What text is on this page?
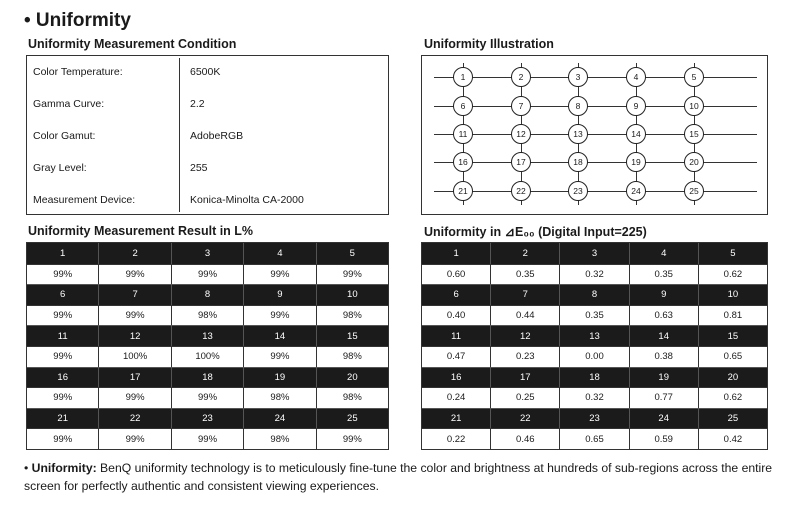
• Uniformity
Uniformity Measurement Condition
Color Temperature:	6500K
Gamma Curve:	2.2
Color Gamut:	AdobeRGB
Gray Level:	255
Measurement Device:	Konica-Minolta CA-2000
Uniformity Illustration
1	2	3	4	5
6	7	8	9	10
11	12	13	14	15
16	17	18	19	20
21	22	23	24	25
Uniformity Measurement Result in L%
1	2	3	4	5
99%	99%	99%	99%	99%
6	7	8	9	10
99%	99%	98%	99%	98%
11	12	13	14	15
99%	100%	100%	99%	98%
16	17	18	19	20
99%	99%	99%	98%	98%
21	22	23	24	25
99%	99%	99%	98%	99%
Uniformity in ⊿E₀₀ (Digital Input=225)
1	2	3	4	5
0.60	0.35	0.32	0.35	0.62
6	7	8	9	10
0.40	0.44	0.35	0.63	0.81
11	12	13	14	15
0.47	0.23	0.00	0.38	0.65
16	17	18	19	20
0.24	0.25	0.32	0.77	0.62
21	22	23	24	25
0.22	0.46	0.65	0.59	0.42
• Uniformity: BenQ uniformity technology is to meticulously fine-tune the color and brightness at hundreds of sub-regions across the entire screen for perfectly authentic and consistent viewing experiences.
